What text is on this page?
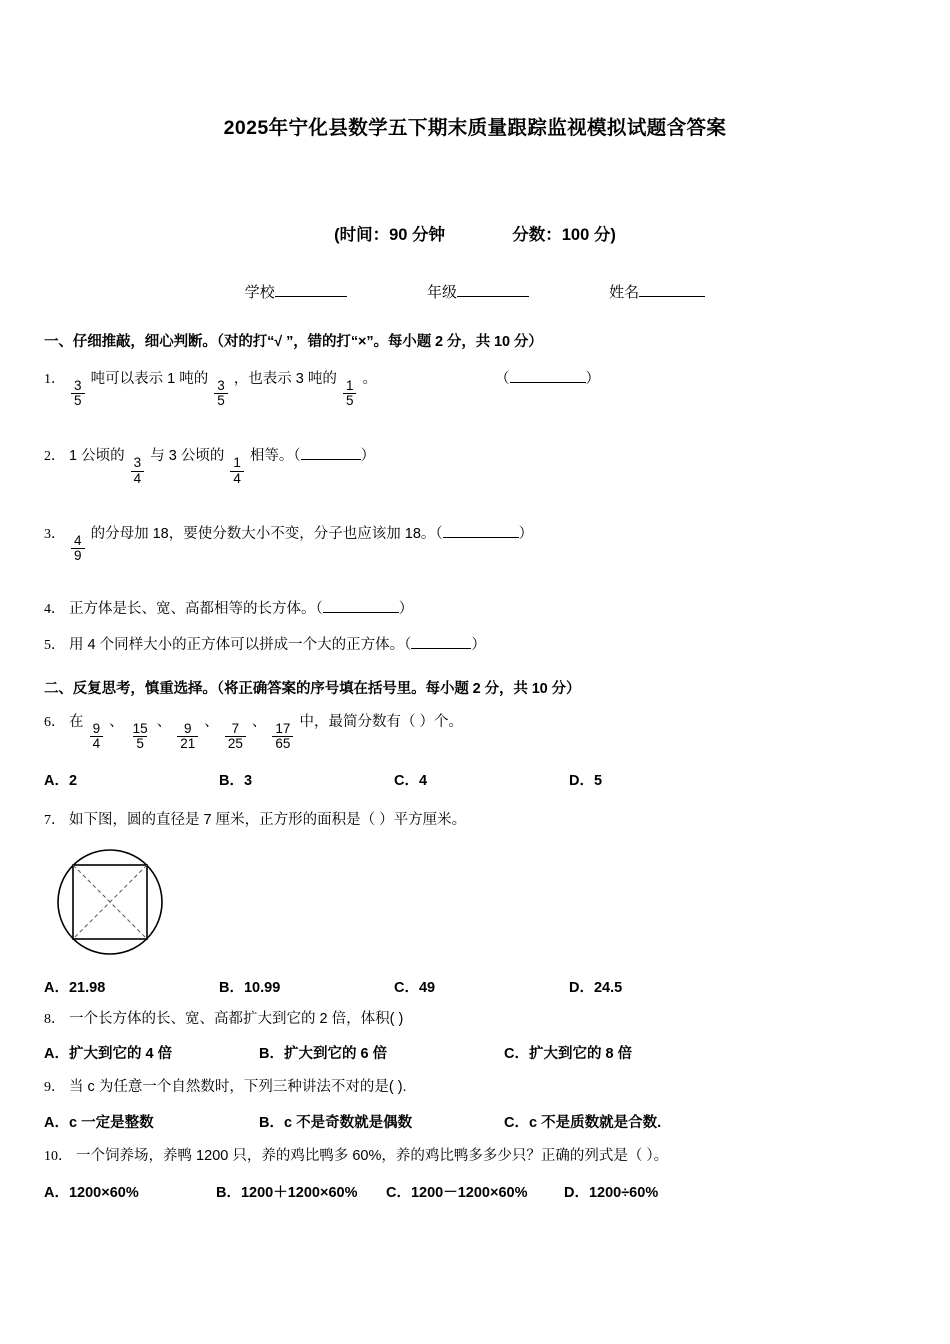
2025年宁化县数学五下期末质量跟踪监视模拟试题含答案
(时间：90 分钟	分数：100 分)
学校	年级	姓名
一、仔细推敲，细心判断。（对的打“√ ”，错的打“×”。每小题 2 分，共 10 分）
1． $\frac{3}{5}$
吨可以表示 1 吨的
$\frac{3}{5}$
，也表示 3 吨的
$\frac{1}{5}$
。	（	）
2． 1 公顷的
$\frac{3}{4}$
与 3 公顷的
$\frac{1}{4}$
相等。（	）
3． $\frac{4}{9}$
的分母加 18，要使分数大小不变，分子也应该加 18。（	）
4． 正方体是长、宽、高都相等的长方体。（	）
5． 用 4 个同样大小的正方体可以拼成一个大的正方体。（	）
二、反复思考，慎重选择。（将正确答案的序号填在括号里。每小题 2 分，共 10 分）
6． 在
$\frac{9}{4}$
、
$\frac{15}{5}$
、
$\frac{9}{21}$
、
$\frac{7}{25}$
、
$\frac{17}{65}$
中，最简分数有（ ）个。
A．2	B．3	C．4	D．5
7． 如下图，圆的直径是 7 厘米，正方形的面积是（ ）平方厘米。
A．21.98	B．10.99	C．49	D．24.5
8． 一个长方体的长、宽、高都扩大到它的 2 倍，体积( )
A．扩大到它的 4 倍	B．扩大到它的 6 倍	C．扩大到它的 8 倍
9． 当 c 为任意一个自然数时，下列三种讲法不对的是( ).
A．c 一定是整数	B．c 不是奇数就是偶数	C．c 不是质数就是合数.
10． 一个饲养场，养鸭 1200 只，养的鸡比鸭多 60%，养的鸡比鸭多多少只？正确的列式是（ ）。
A．1200×60%	B．1200＋1200×60%	C．1200－1200×60%	D．1200÷60%
